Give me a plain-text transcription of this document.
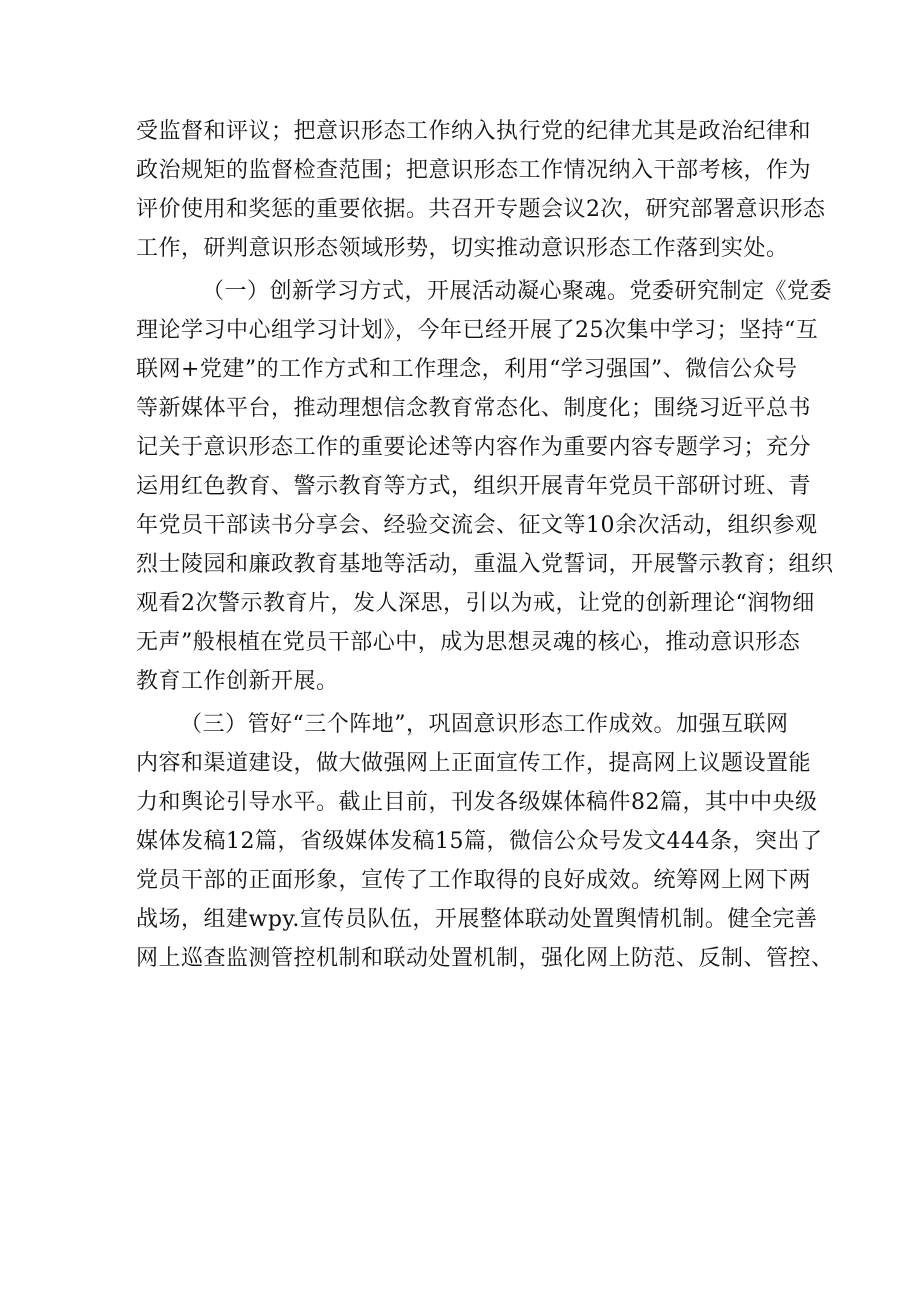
受监督和评议；把意识形态工作纳入执行党的纪律尤其是政治纪律和
政治规矩的监督检查范围；把意识形态工作情况纳入干部考核，作为
评价使用和奖惩的重要依据。共召开专题会议2次，研究部署意识形态
工作，研判意识形态领域形势，切实推动意识形态工作落到实处。
（一）创新学习方式，开展活动凝心聚魂。党委研究制定《党委
理论学习中心组学习计划》，今年已经开展了25次集中学习；坚持“互
联网+党建”的工作方式和工作理念，利用“学习强国”、微信公众号
等新媒体平台，推动理想信念教育常态化、制度化；围绕习近平总书
记关于意识形态工作的重要论述等内容作为重要内容专题学习；充分
运用红色教育、警示教育等方式，组织开展青年党员干部研讨班、青
年党员干部读书分享会、经验交流会、征文等10余次活动，组织参观
烈士陵园和廉政教育基地等活动，重温入党誓词，开展警示教育；组织
观看2次警示教育片，发人深思，引以为戒，让党的创新理论“润物细
无声”般根植在党员干部心中，成为思想灵魂的核心，推动意识形态
教育工作创新开展。
（三）管好“三个阵地”，巩固意识形态工作成效。加强互联网
内容和渠道建设，做大做强网上正面宣传工作，提高网上议题设置能
力和舆论引导水平。截止目前，刊发各级媒体稿件82篇，其中中央级
媒体发稿12篇，省级媒体发稿15篇，微信公众号发文444条，突出了
党员干部的正面形象，宣传了工作取得的良好成效。统筹网上网下两
战场，组建wpy.宣传员队伍，开展整体联动处置舆情机制。健全完善
网上巡查监测管控机制和联动处置机制，强化网上防范、反制、管控、
